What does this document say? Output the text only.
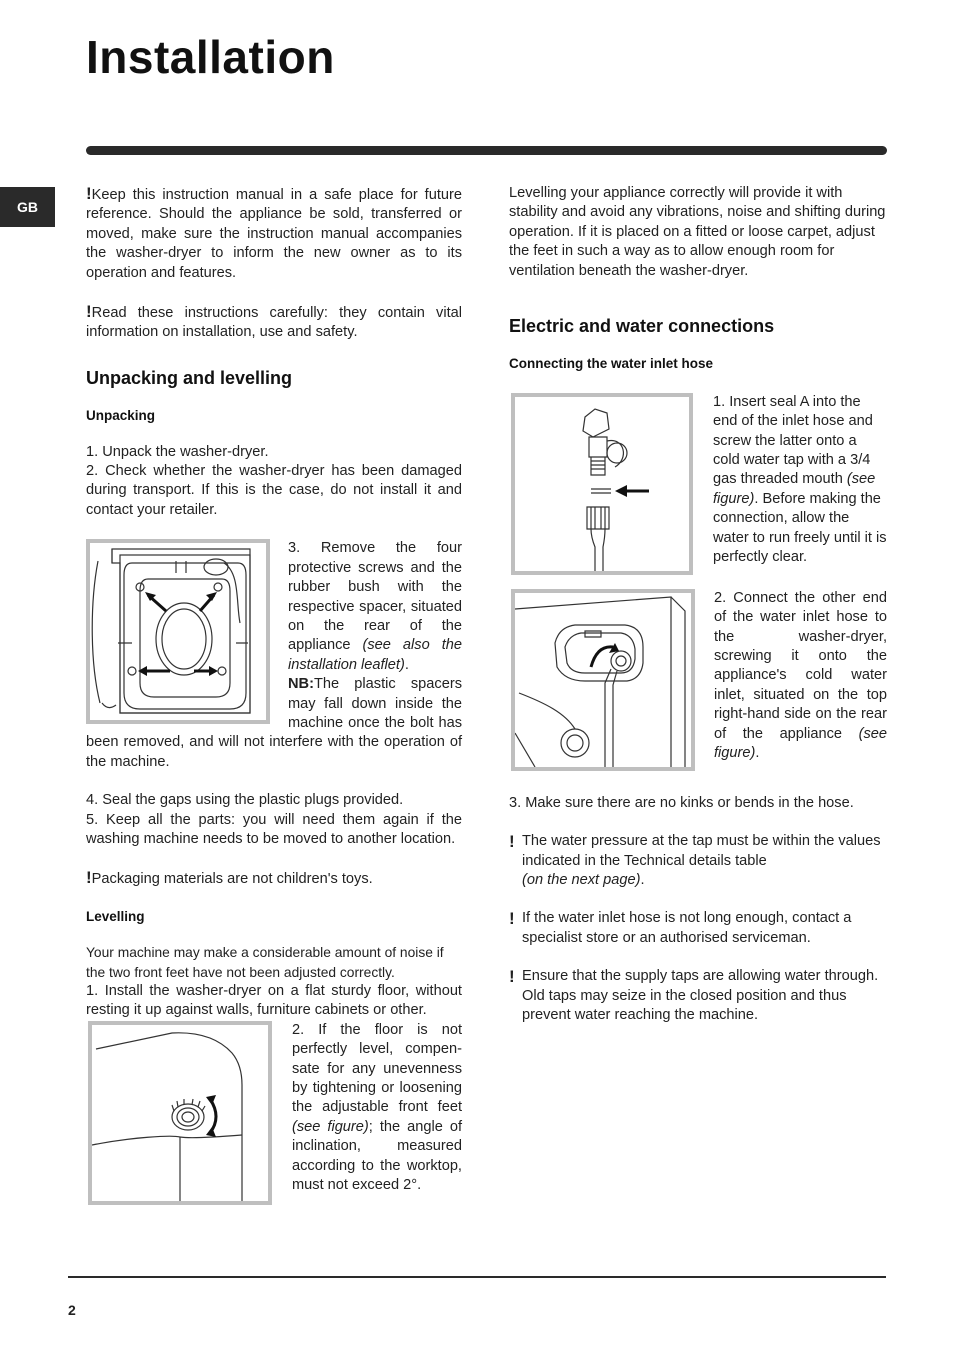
Installation
GB

!Keep this instruction manual in a safe place for future reference. Should the appliance be sold, transferred or moved, make sure the instruction manual accompanies the washer-dryer to inform the new owner as to its operation and features.

!Read these instructions carefully: they contain vital information on installation, use and safety.

Unpacking and levelling
Unpacking

1. Unpack the washer-dryer.

2. Check whether the washer-dryer has been damaged during transport. If this is the case, do not install it and contact your retailer.

3. Remove the four protective screws and the rubber bush with the respective spacer, situated on the rear of the appliance (see also the installation leaflet).
NB:The plastic spacers may fall down inside the machine once the bolt has been removed, and will not interfere with the operation of the machine.

4. Seal the gaps using the plastic plugs provided.

5. Keep all the parts: you will need them again if the washing machine needs to be moved to another location.

!Packaging materials are not children's toys.

Levelling

Your machine may make a considerable amount of noise if the two front feet have not been adjusted correctly.

1. Install the washer-dryer on a flat sturdy floor, without resting it up against walls, furniture cabinets or other.

2. If the floor is not perfectly level, compen-sate for any unevenness by tightening or loosening the adjustable front feet (see figure); the angle of inclination, measured according to the worktop, must not exceed 2°.

Levelling your appliance correctly will provide it with stability and avoid any vibrations, noise and shifting during operation. If it is placed on a fitted or loose carpet, adjust the feet in such a way as to allow enough room for ventilation beneath the washer-dryer.

Electric and water connections
Connecting the water inlet hose

1. Insert seal A into the end of the inlet hose and screw the latter onto a cold water tap with a 3/4 gas threaded mouth (see figure). Before making the connection, allow the water to run freely until it is perfectly clear.

2. Connect the other end of the water inlet hose to the washer-dryer, screwing it onto the appliance's cold water inlet, situated on the top right-hand side on the rear of the appliance (see figure).

3. Make sure there are no kinks or bends in the hose.

! The water pressure at the tap must be within the values indicated in the Technical details table
(on the next page).

! If the water inlet hose is not long enough, contact a specialist store or an authorised serviceman.

! Ensure that the supply taps are allowing water through. Old taps may seize in the closed position and thus prevent water reaching the machine.

2
